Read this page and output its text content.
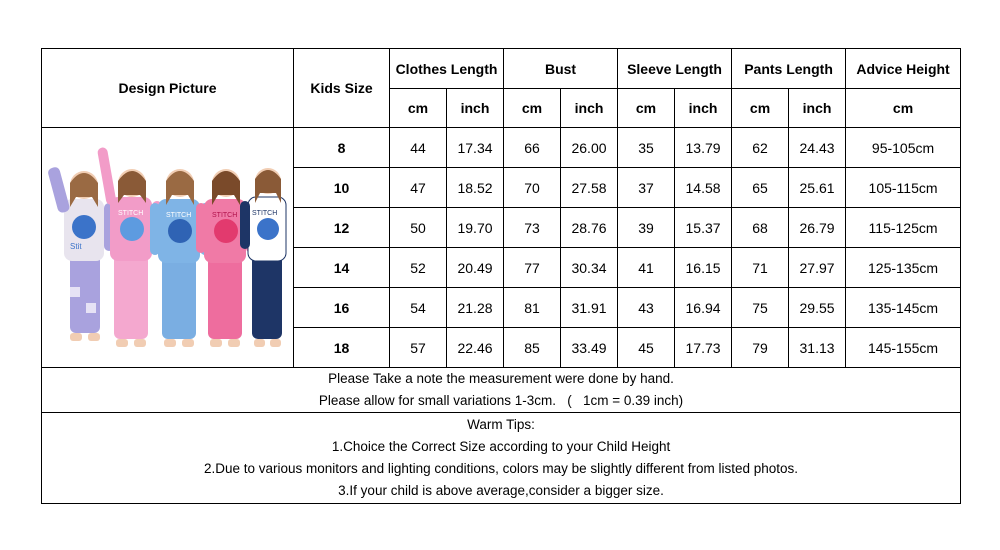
Design Picture	Kids Size	Clothes Length		Bust		Sleeve Length		Pants Length		Advice Height
		cm	inch	cm	inch	cm	inch	cm	inch	cm

Stit
STITCH STITCH STITCH STITCH	8	44	17.34	66	26.00	35	13.79	62	24.43	95-105cm
	10	47	18.52	70	27.58	37	14.58	65	25.61	105-115cm
	12	50	19.70	73	28.76	39	15.37	68	26.79	115-125cm
	14	52	20.49	77	30.34	41	16.15	71	27.97	125-135cm
	16	54	21.28	81	31.91	43	16.94	75	29.55	135-145cm
	18	57	22.46	85	33.49	45	17.73	79	31.13	145-155cm

Please Take a note the measurement were done by hand.
Please allow for small variations 1-3cm.   (   1cm = 0.39 inch)										

Warm Tips:
1.Choice the Correct Size according to your Child Height
2.Due to various monitors and lighting conditions, colors may be slightly different from listed photos.
3.If your child is above average,consider a bigger size.										
